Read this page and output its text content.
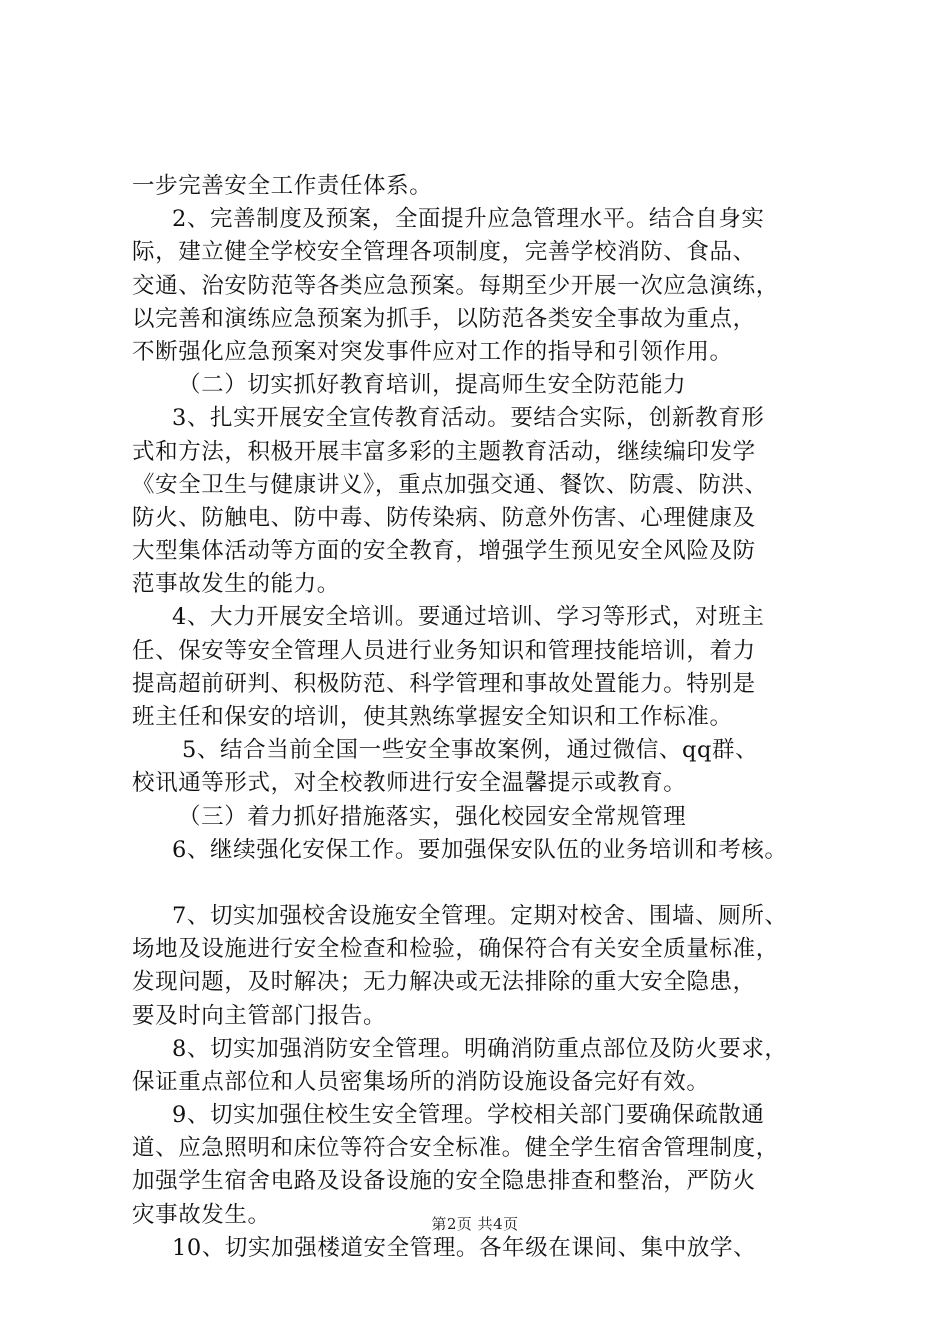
一步完善安全工作责任体系。
2、完善制度及预案，全面提升应急管理水平。结合自身实
际，建立健全学校安全管理各项制度，完善学校消防、食品、
交通、治安防范等各类应急预案。每期至少开展一次应急演练，
以完善和演练应急预案为抓手，以防范各类安全事故为重点，
不断强化应急预案对突发事件应对工作的指导和引领作用。
（二）切实抓好教育培训，提高师生安全防范能力
3、扎实开展安全宣传教育活动。要结合实际，创新教育形
式和方法，积极开展丰富多彩的主题教育活动，继续编印发学
《安全卫生与健康讲义》，重点加强交通、餐饮、防震、防洪、
防火、防触电、防中毒、防传染病、防意外伤害、心理健康及
大型集体活动等方面的安全教育，增强学生预见安全风险及防
范事故发生的能力。
4、大力开展安全培训。要通过培训、学习等形式，对班主
任、保安等安全管理人员进行业务知识和管理技能培训，着力
提高超前研判、积极防范、科学管理和事故处置能力。特别是
班主任和保安的培训，使其熟练掌握安全知识和工作标准。
5、结合当前全国一些安全事故案例，通过微信、qq群、
校讯通等形式，对全校教师进行安全温馨提示或教育。
（三）着力抓好措施落实，强化校园安全常规管理
6、继续强化安保工作。要加强保安队伍的业务培训和考核。
7、切实加强校舍设施安全管理。定期对校舍、围墙、厕所、
场地及设施进行安全检查和检验，确保符合有关安全质量标准，
发现问题，及时解决；无力解决或无法排除的重大安全隐患，
要及时向主管部门报告。
8、切实加强消防安全管理。明确消防重点部位及防火要求，
保证重点部位和人员密集场所的消防设施设备完好有效。
9、切实加强住校生安全管理。学校相关部门要确保疏散通
道、应急照明和床位等符合安全标准。健全学生宿舍管理制度，
加强学生宿舍电路及设备设施的安全隐患排查和整治，严防火
灾事故发生。
10、切实加强楼道安全管理。各年级在课间、集中放学、
第2页 共4页
